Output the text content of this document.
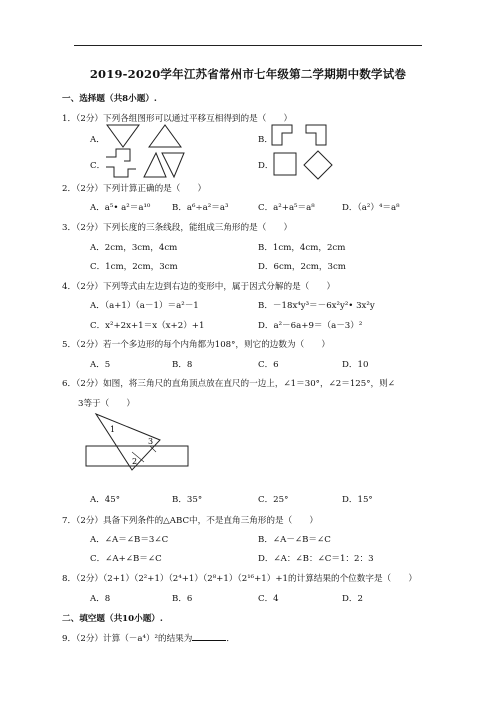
2019-2020学年江苏省常州市七年级第二学期期中数学试卷
一、选择题（共8小题）.
1．（2分）下列各组图形可以通过平移互相得到的是（　　）
A．	B．
C．	D．
2．（2分）下列计算正确的是（　　）
A．a⁵• a²＝a¹⁰	B．a⁶÷a²＝a³	C．a²+a⁵＝a⁸	D．（a²）⁴＝a⁸
3．（2分）下列长度的三条线段，能组成三角形的是（　　）
A．2cm，3cm，4cm	B．1cm，4cm，2cm
C．1cm，2cm，3cm	D．6cm，2cm，3cm
4．（2分）下列等式由左边到右边的变形中，属于因式分解的是（　　）
A．（a+1）（a－1）＝a²－1	B．－18x⁴y³＝－6x²y²• 3x²y
C．x²+2x+1＝x（x+2）+1	D．a²－6a+9＝（a－3）²
5．（2分）若一个多边形的每个内角都为108°，则它的边数为（　　）
A．5	B．8	C．6	D．10
6．（2分）如图，将三角尺的直角顶点放在直尺的一边上，∠1＝30°，∠2＝125°，则∠
3等于（　　）
1
3
2
A．45°	B．35°	C．25°	D．15°
7．（2分）具备下列条件的△ABC中，不是直角三角形的是（　　）
A．∠A＝∠B＝3∠C	B．∠A－∠B＝∠C
C．∠A+∠B＝∠C	D．∠A：∠B：∠C＝1：2：3
8．（2分）（2+1）（2²+1）（2⁴+1）（2⁸+1）（2¹⁶+1）+1的计算结果的个位数字是（　　）
A．8	B．6	C．4	D．2
二、填空题（共10小题）.
9．（2分）计算（－a⁴）²的结果为	．
